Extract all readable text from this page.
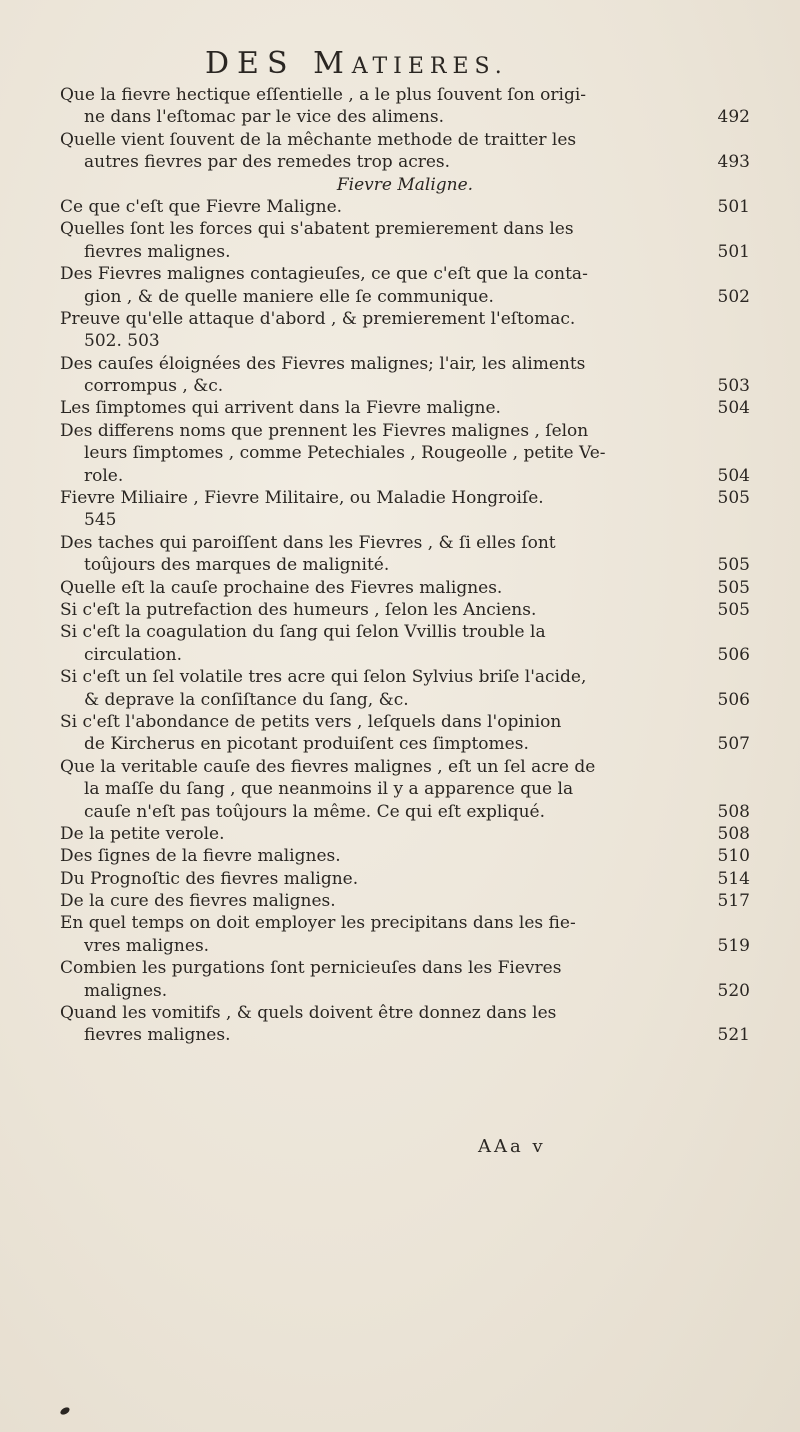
DES MATIERES.
Que la fievre hectique eſſentielle , a le plus ſouvent ſon origi-
ne dans l'eſtomac par le vice des alimens.	492
Quelle vient ſouvent de la mêchante methode de traitter les
autres fievres par des remedes trop acres.	493
Fievre Maligne.
Ce que c'eſt que Fievre Maligne.	501
Quelles ſont les forces qui s'abatent premierement dans les
fievres malignes.	501
Des Fievres malignes contagieuſes, ce que c'eſt que la conta-
gion , & de quelle maniere elle ſe communique.	502
Preuve qu'elle attaque d'abord , & premierement l'eſtomac.
502. 503
Des cauſes éloignées des Fievres malignes; l'air, les aliments
corrompus , &c.	503
Les ſimptomes qui arrivent dans la Fievre maligne.	504
Des differens noms que prennent les Fievres malignes , ſelon
leurs ſimptomes , comme Petechiales , Rougeolle , petite Ve-
role.	504
Fievre Miliaire , Fievre Militaire, ou Maladie Hongroiſe.	505
545
Des taches qui paroiſſent dans les Fievres , & ſi elles ſont
toûjours des marques de malignité.	505
Quelle eſt la cauſe prochaine des Fievres malignes.	505
Si c'eſt la putrefaction des humeurs , ſelon les Anciens.	505
Si c'eſt la coagulation du ſang qui ſelon Vvillis trouble la
circulation.	506
Si c'eſt un ſel volatile tres acre qui ſelon Sylvius briſe l'acide,
& deprave la conſiſtance du ſang, &c.	506
Si c'eſt l'abondance de petits vers , leſquels dans l'opinion
de Kircherus en picotant produiſent ces ſimptomes.	507
Que la veritable cauſe des fievres malignes , eſt un ſel acre de
la maſſe du ſang , que neanmoins il y a apparence que la
cauſe n'eſt pas toûjours la même. Ce qui eſt expliqué.	508
De la petite verole.	508
Des ſignes de la fievre malignes.	510
Du Prognoſtic des fievres maligne.	514
De la cure des fievres malignes.	517
En quel temps on doit employer les precipitans dans les fie-
vres malignes.	519
Combien les purgations ſont pernicieuſes dans les Fievres
malignes.	520
Quand les vomitifs , & quels doivent être donnez dans les
fievres malignes.	521
AAa v
